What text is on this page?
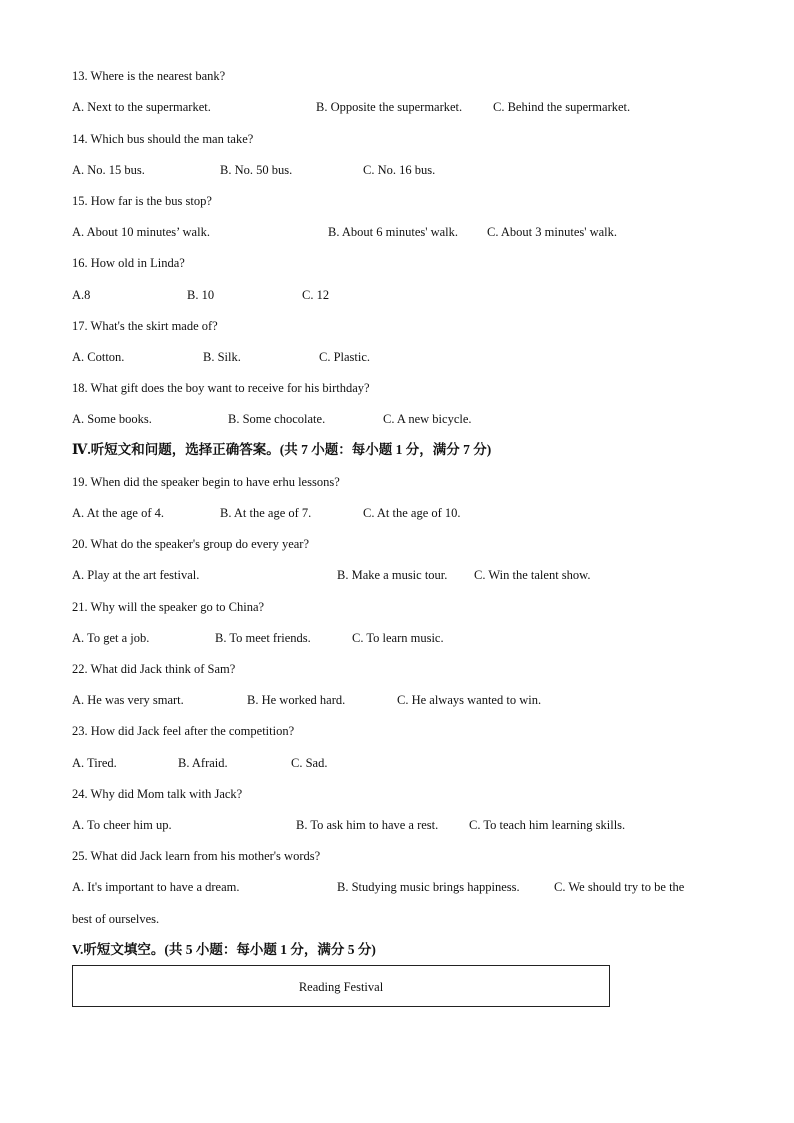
13. Where is the nearest bank?
A. Next to the supermarket.	B. Opposite the supermarket. C. Behind the supermarket.
14. Which bus should the man take?
A. No. 15 bus.	B. No. 50 bus.	C. No. 16 bus.
15. How far is the bus stop?
A. About 10 minutes’ walk.	B. About 6 minutes' walk. C. About 3 minutes' walk.
16. How old in Linda?
A.8	B. 10	C. 12
17. What's the skirt made of?
A. Cotton.	B. Silk.	C. Plastic.
18. What gift does the boy want to receive for his birthday?
A. Some books.	B. Some chocolate.	C. A new bicycle.
Ⅳ.听短文和问题，选择正确答案。(共 7 小题：每小题 1 分，满分 7 分)
19. When did the speaker begin to have erhu lessons?
A. At the age of 4.	B. At the age of 7.	C. At the age of 10.
20. What do the speaker's group do every year?
A. Play at the art festival.	B. Make a music tour. C. Win the talent show.
21. Why will the speaker go to China?
A. To get a job.	B. To meet friends.	C. To learn music.
22. What did Jack think of Sam?
A. He was very smart.	B. He worked hard.	C. He always wanted to win.
23. How did Jack feel after the competition?
A. Tired.	B. Afraid.	C. Sad.
24. Why did Mom talk with Jack?
A. To cheer him up.	B. To ask him to have a rest. C. To teach him learning skills.
25. What did Jack learn from his mother's words?
A. It's important to have a dream.	B. Studying music brings happiness.	C. We should try to be the
best of ourselves.
V.听短文填空。(共 5 小题：每小题 1 分，满分 5 分)
Reading Festival
